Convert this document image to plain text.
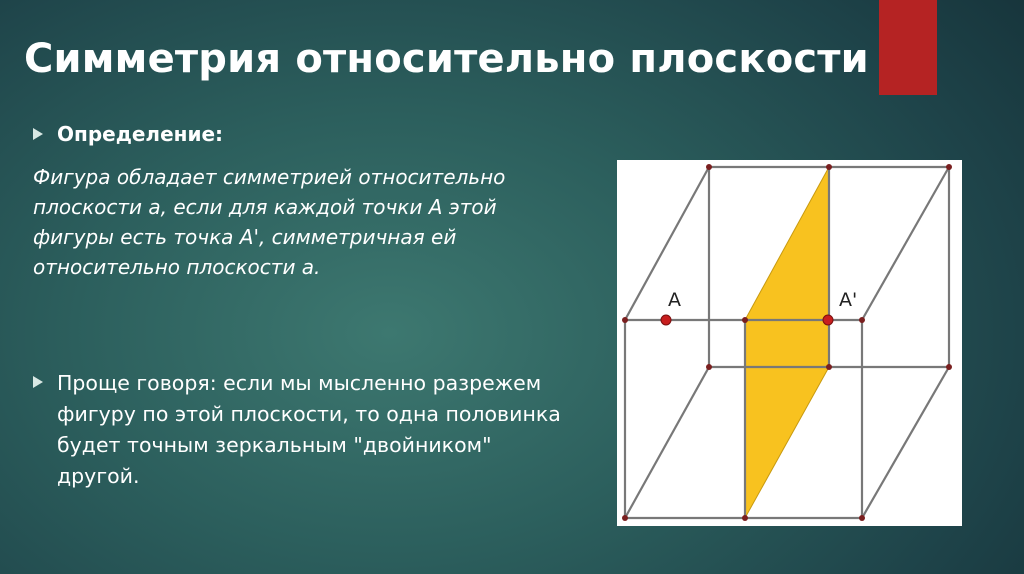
Симметрия относительно плоскости
Определение:
Фигура обладает симметрией относительно плоскости а, если для каждой точки А этой фигуры есть точка А', симметричная ей относительно плоскости а.
Проще говоря: если мы мысленно разрежем фигуру по этой плоскости, то одна половинка будет точным зеркальным "двойником" другой.
A	A'
